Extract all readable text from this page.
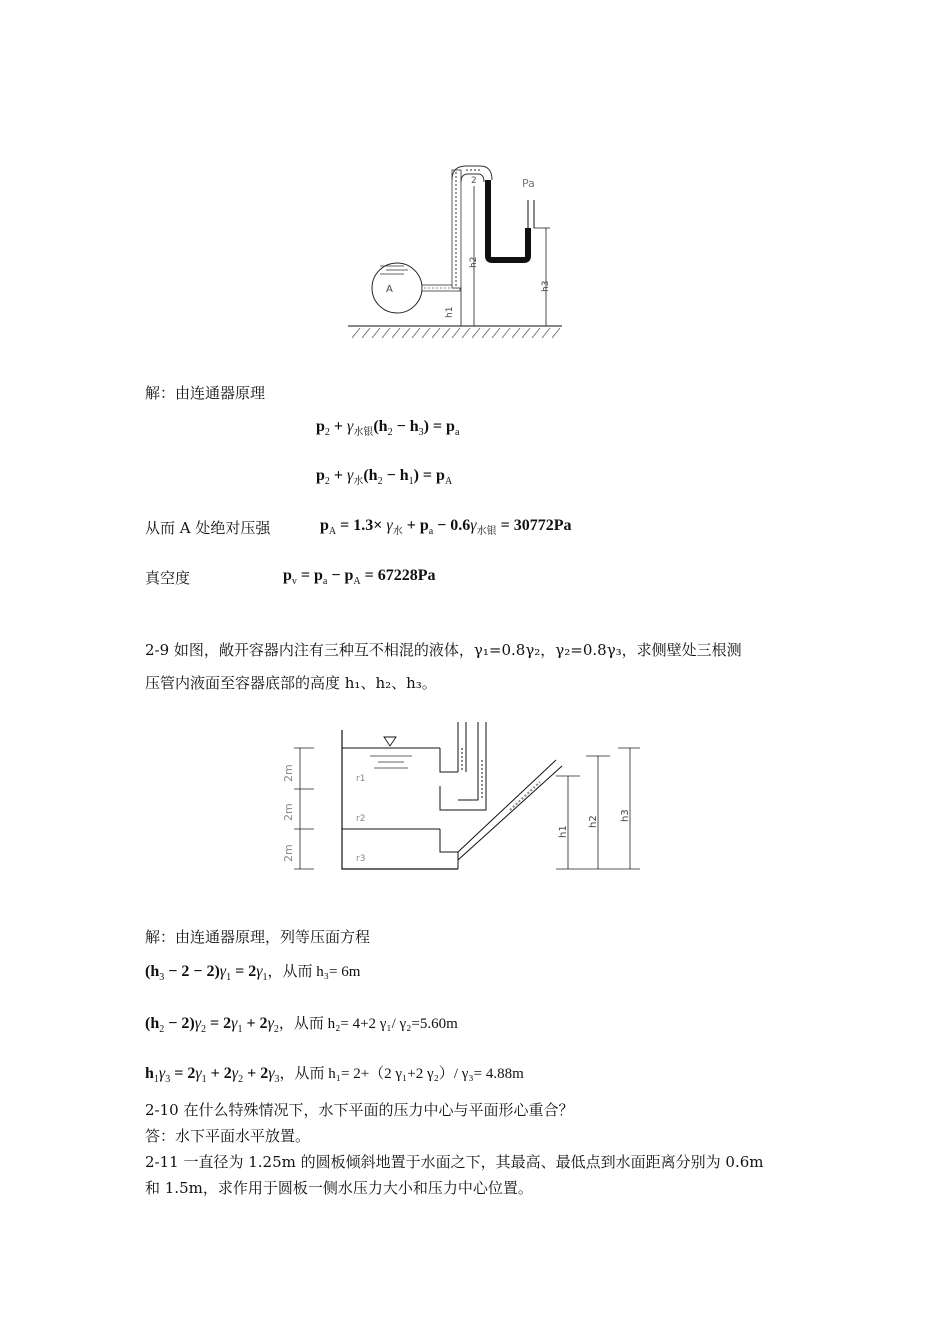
A
2	Pa
h2
h3
h1
解：由连通器原理
$p_2 + \gamma_{水银}(h_2 - h_3) = p_a$
$p_2 + \gamma_水(h_2 - h_1) = p_A$
从而 A 处绝对压强	$p_A = 1.3\times \gamma_水 + p_a - 0.6\gamma_{水银} = 30772Pa$
真空度	$p_v = p_a - p_A = 67228Pa$
2-9 如图，敞开容器内注有三种互不相混的液体，γ₁=0.8γ₂，γ₂=0.8γ₃，求侧壁处三根测
压管内液面至容器底部的高度 h₁、h₂、h₃。
2m
2m
2m
r1
r2
r3
h1
h2 h3
解：由连通器原理，列等压面方程
$(h_3 - 2 - 2)\gamma_1 = 2\gamma_1$，从而 h₃= 6m
$(h_2 - 2)\gamma_2 = 2\gamma_1 + 2\gamma_2$，从而 h₂= 4+2 γ₁/ γ₂=5.60m
$h_1\gamma_3 = 2\gamma_1 + 2\gamma_2 + 2\gamma_3$，从而 h₁= 2+（2 γ₁+2 γ₂）/ γ₃= 4.88m
2-10 在什么特殊情况下，水下平面的压力中心与平面形心重合？
答：水下平面水平放置。
2-11 一直径为 1.25m 的圆板倾斜地置于水面之下，其最高、最低点到水面距离分别为 0.6m
和 1.5m，求作用于圆板一侧水压力大小和压力中心位置。
